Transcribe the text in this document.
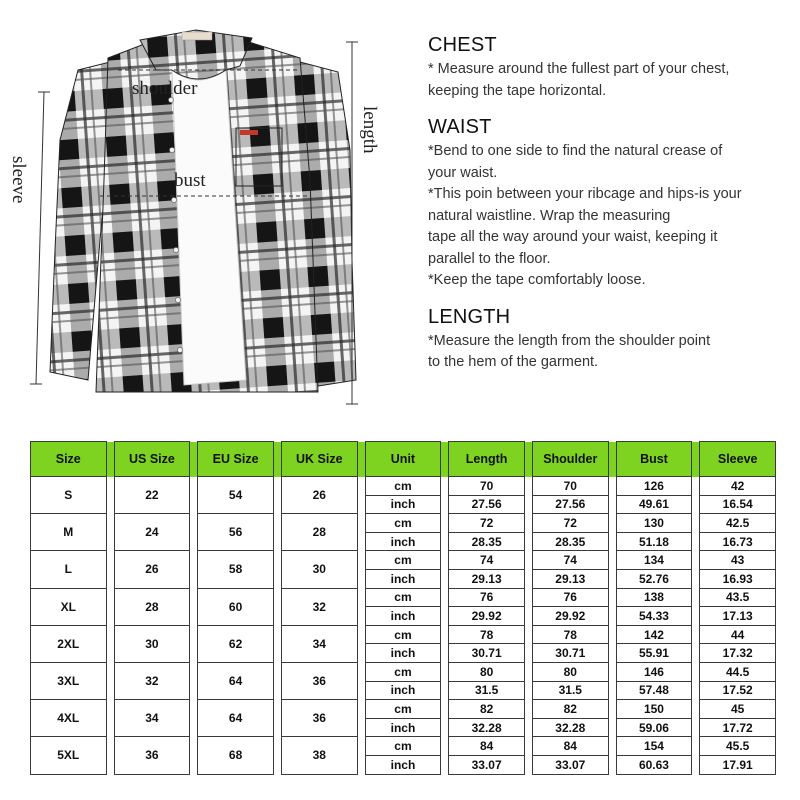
shoulder
bust
length
sleeve
CHEST
* Measure around the fullest part of your chest,
keeping the tape horizontal.
WAIST
*Bend to one side to find the natural crease of
your waist.
*This poin between your ribcage and hips-is your
natural waistline. Wrap the measuring
tape all the way around your waist, keeping it
parallel to the floor.
*Keep the tape comfortably loose.
LENGTH
*Measure the length from the shoulder point
to the hem of the garment.
Size		US Size		EU Size		UK Size		Unit		Length		Shoulder		Bust		Sleeve
S		22		54		26		cm		70		70		126		42
								inch		27.56		27.56		49.61		16.54
M		24		56		28		cm		72		72		130		42.5
								inch		28.35		28.35		51.18		16.73
L		26		58		30		cm		74		74		134		43
								inch		29.13		29.13		52.76		16.93
XL		28		60		32		cm		76		76		138		43.5
								inch		29.92		29.92		54.33		17.13
2XL		30		62		34		cm		78		78		142		44
								inch		30.71		30.71		55.91		17.32
3XL		32		64		36		cm		80		80		146		44.5
								inch		31.5		31.5		57.48		17.52
4XL		34		64		36		cm		82		82		150		45
								inch		32.28		32.28		59.06		17.72
5XL		36		68		38		cm		84		84		154		45.5
								inch		33.07		33.07		60.63		17.91
